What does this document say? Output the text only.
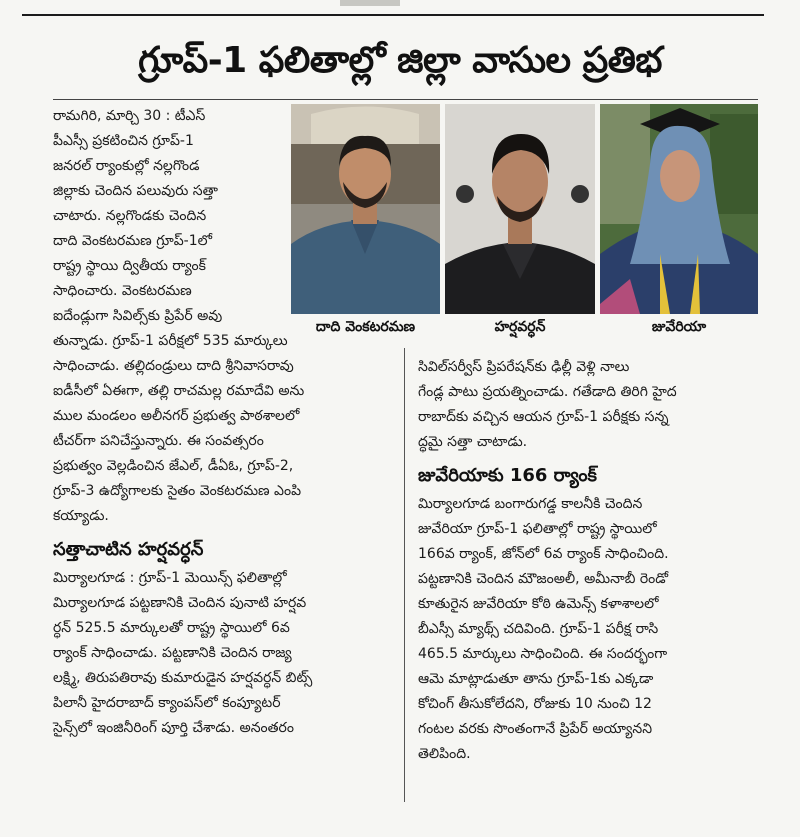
గ్రూప్-1 ఫలితాల్లో జిల్లా వాసుల ప్రతిభ

రామగిరి, మార్చి 30 : టీఎస్

పీఎస్సీ ప్రకటించిన గ్రూప్-1

జనరల్ ర్యాంకుల్లో నల్లగొండ

జిల్లాకు చెందిన పలువురు సత్తా

చాటారు. నల్లగొండకు చెందిన

దాది వెంకటరమణ గ్రూప్-1లో

రాష్ట్ర స్థాయి ద్వితీయ ర్యాంక్

సాధించారు. వెంకటరమణ

ఐదేండ్లుగా సివిల్స్‌కు ప్రిపేర్ అవు

దాది వెంకటరమణ	హర్షవర్ధన్	జువేరియా

తున్నాడు. గ్రూప్-1 పరీక్షలో 535 మార్కులు

సాధించాడు. తల్లిదండ్రులు దాది శ్రీనివాసరావు

ఐడీసీలో ఏఈగా, తల్లి రాచమల్ల రమాదేవి అను

ముల మండలం అలీనగర్ ప్రభుత్వ పాఠశాలలో

టీచర్‌గా పనిచేస్తున్నారు. ఈ సంవత్సరం

ప్రభుత్వం వెల్లడించిన జేఎల్, డీఏఓ, గ్రూప్-2,

గ్రూప్-3 ఉద్యోగాలకు సైతం వెంకటరమణ ఎంపి

కయ్యాడు.

సత్తాచాటిన హర్షవర్ధన్

మిర్యాలగూడ : గ్రూప్-1 మెయిన్స్ ఫలితాల్లో

మిర్యాలగూడ పట్టణానికి చెందిన పునాటి హర్షవ

ర్ధన్ 525.5 మార్కులతో రాష్ట్ర స్థాయిలో 6వ

ర్యాంక్ సాధించాడు. పట్టణానికి చెందిన రాజ్య

లక్ష్మి, తిరుపతిరావు కుమారుడైన హర్షవర్ధన్ బిట్స్

పిలానీ హైదరాబాద్ క్యాంపస్‌లో కంప్యూటర్

సైన్స్‌లో ఇంజినీరింగ్ పూర్తి చేశాడు. అనంతరం

సివిల్‌సర్వీస్ ప్రిపరేషన్‌కు ఢిల్లీ వెళ్లి నాలు

గేండ్ల పాటు ప్రయత్నించాడు. గతేడాది తిరిగి హైద

రాబాద్‌కు వచ్చిన ఆయన గ్రూప్-1 పరీక్షకు సన్న

ద్ధమై సత్తా చాటాడు.

జువేరియాకు 166 ర్యాంక్

మిర్యాలగూడ బంగారుగడ్డ కాలనీకి చెందిన

జువేరియా గ్రూప్-1 ఫలితాల్లో రాష్ట్ర స్థాయిలో

166వ ర్యాంక్, జోన్‌లో 6వ ర్యాంక్ సాధించింది.

పట్టణానికి చెందిన మౌజంఅలీ, అమీనాబీ రెండో

కూతురైన జువేరియా కోఠి ఉమెన్స్ కళాశాలలో

బీఎస్సీ మ్యాథ్స్ చదివింది. గ్రూప్-1 పరీక్ష రాసి

465.5 మార్కులు సాధించింది. ఈ సందర్భంగా

ఆమె మాట్లాడుతూ తాను గ్రూప్-1కు ఎక్కడా

కోచింగ్ తీసుకోలేదని, రోజుకు 10 నుంచి 12

గంటల వరకు సొంతంగానే ప్రిపేర్ అయ్యానని

తెలిపింది.
